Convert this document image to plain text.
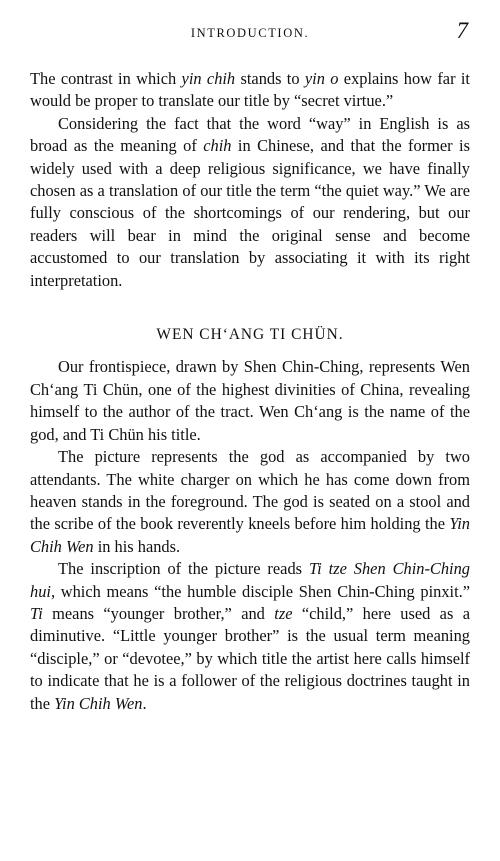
INTRODUCTION.	7

The contrast in which yin chih stands to yin o explains how far it would be proper to translate our title by “secret virtue.”

Considering the fact that the word “way” in English is as broad as the meaning of chih in Chinese, and that the former is widely used with a deep religious significance, we have finally chosen as a translation of our title the term “the quiet way.” We are fully conscious of the shortcomings of our rendering, but our readers will bear in mind the original sense and become accustomed to our translation by associating it with its right interpretation.

WEN CH‘ANG TI CHÜN.

Our frontispiece, drawn by Shen Chin-Ching, represents Wen Ch‘ang Ti Chün, one of the highest divinities of China, revealing himself to the author of the tract. Wen Ch‘ang is the name of the god, and Ti Chün his title.

The picture represents the god as accompanied by two attendants. The white charger on which he has come down from heaven stands in the foreground. The god is seated on a stool and the scribe of the book reverently kneels before him holding the Yin Chih Wen in his hands.

The inscription of the picture reads Ti tze Shen Chin-Ching hui, which means “the humble disciple Shen Chin-Ching pinxit.” Ti means “younger brother,” and tze “child,” here used as a diminutive. “Little younger brother” is the usual term meaning “disciple,” or “devotee,” by which title the artist here calls himself to indicate that he is a follower of the religious doctrines taught in the Yin Chih Wen.
